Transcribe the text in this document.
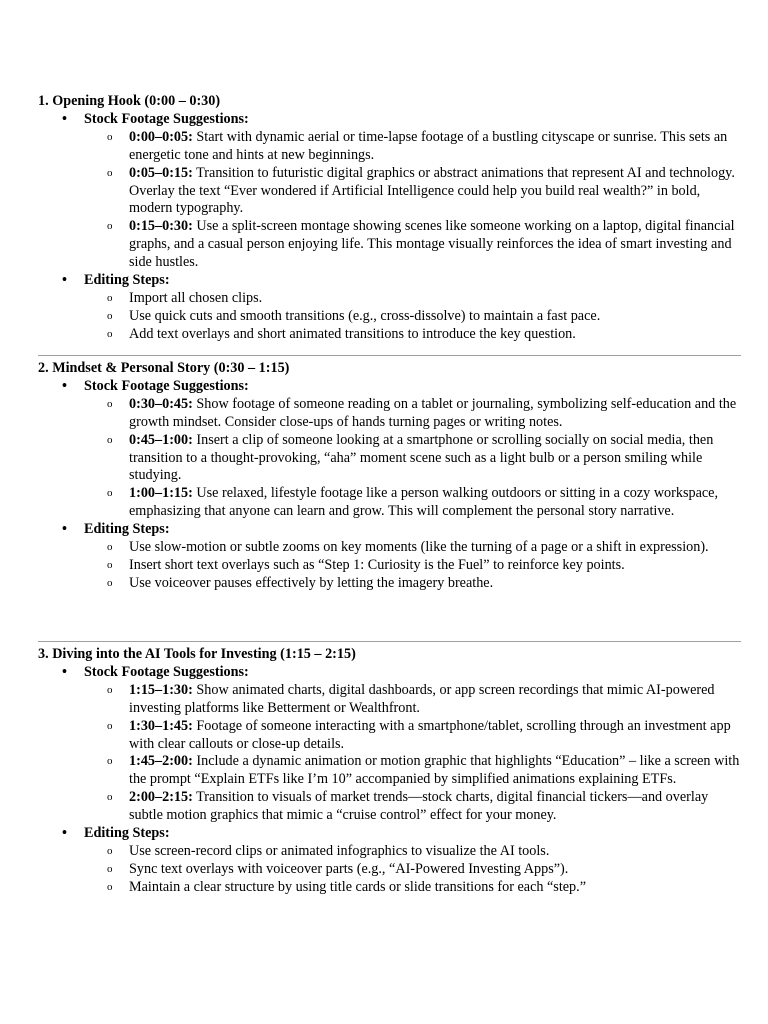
1. Opening Hook (0:00 – 0:30)

• Stock Footage Suggestions:
o 0:00–0:05: Start with dynamic aerial or time-lapse footage of a bustling cityscape or sunrise. This sets an energetic tone and hints at new beginnings.
o 0:05–0:15: Transition to futuristic digital graphics or abstract animations that represent AI and technology. Overlay the text “Ever wondered if Artificial Intelligence could help you build real wealth?” in bold, modern typography.
o 0:15–0:30: Use a split-screen montage showing scenes like someone working on a laptop, digital financial graphs, and a casual person enjoying life. This montage visually reinforces the idea of smart investing and side hustles.
• Editing Steps:
o Import all chosen clips.
o Use quick cuts and smooth transitions (e.g., cross-dissolve) to maintain a fast pace.
o Add text overlays and short animated transitions to introduce the key question.

2. Mindset & Personal Story (0:30 – 1:15)

• Stock Footage Suggestions:
o 0:30–0:45: Show footage of someone reading on a tablet or journaling, symbolizing self-education and the growth mindset. Consider close-ups of hands turning pages or writing notes.
o 0:45–1:00: Insert a clip of someone looking at a smartphone or scrolling socially on social media, then transition to a thought-provoking, “aha” moment scene such as a light bulb or a person smiling while studying.
o 1:00–1:15: Use relaxed, lifestyle footage like a person walking outdoors or sitting in a cozy workspace, emphasizing that anyone can learn and grow. This will complement the personal story narrative.
• Editing Steps:
o Use slow-motion or subtle zooms on key moments (like the turning of a page or a shift in expression).
o Insert short text overlays such as “Step 1: Curiosity is the Fuel” to reinforce key points.
o Use voiceover pauses effectively by letting the imagery breathe.

3. Diving into the AI Tools for Investing (1:15 – 2:15)

• Stock Footage Suggestions:
o 1:15–1:30: Show animated charts, digital dashboards, or app screen recordings that mimic AI-powered investing platforms like Betterment or Wealthfront.
o 1:30–1:45: Footage of someone interacting with a smartphone/tablet, scrolling through an investment app with clear callouts or close-up details.
o 1:45–2:00: Include a dynamic animation or motion graphic that highlights “Education” – like a screen with the prompt “Explain ETFs like I’m 10” accompanied by simplified animations explaining ETFs.
o 2:00–2:15: Transition to visuals of market trends—stock charts, digital financial tickers—and overlay subtle motion graphics that mimic a “cruise control” effect for your money.
• Editing Steps:
o Use screen-record clips or animated infographics to visualize the AI tools.
o Sync text overlays with voiceover parts (e.g., “AI-Powered Investing Apps”).
o Maintain a clear structure by using title cards or slide transitions for each “step.”
